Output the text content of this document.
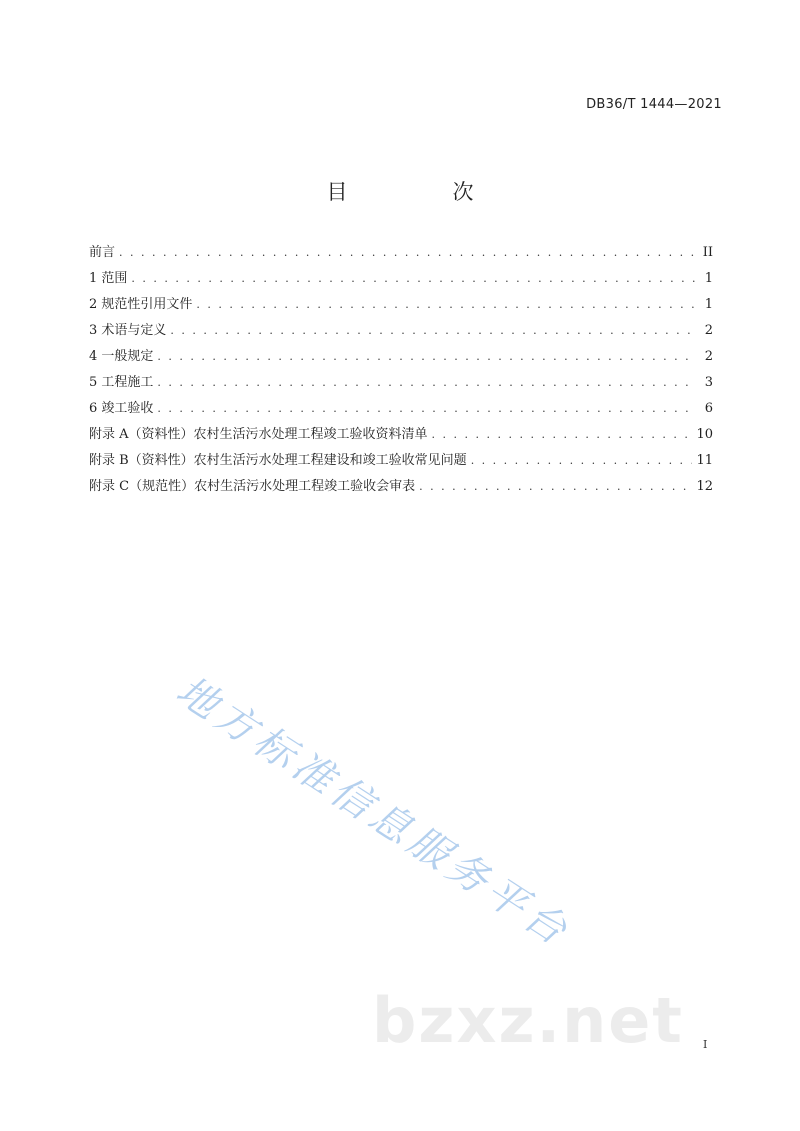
DB36/T 1444—2021
目　次
前言 . . .	II
1 范围 . . .	1
2 规范性引用文件 . . .	1
3 术语与定义 . . .	2
4 一般规定 . . .	2
5 工程施工 . . .	3
6 竣工验收 . . .	6
附录 A（资料性）农村生活污水处理工程竣工验收资料清单 . . .	10
附录 B（资料性）农村生活污水处理工程建设和竣工验收常见问题 . . .	11
附录 C（规范性）农村生活污水处理工程竣工验收会审表 . . .	12
地方标准信息服务平台
bzxz.net I
